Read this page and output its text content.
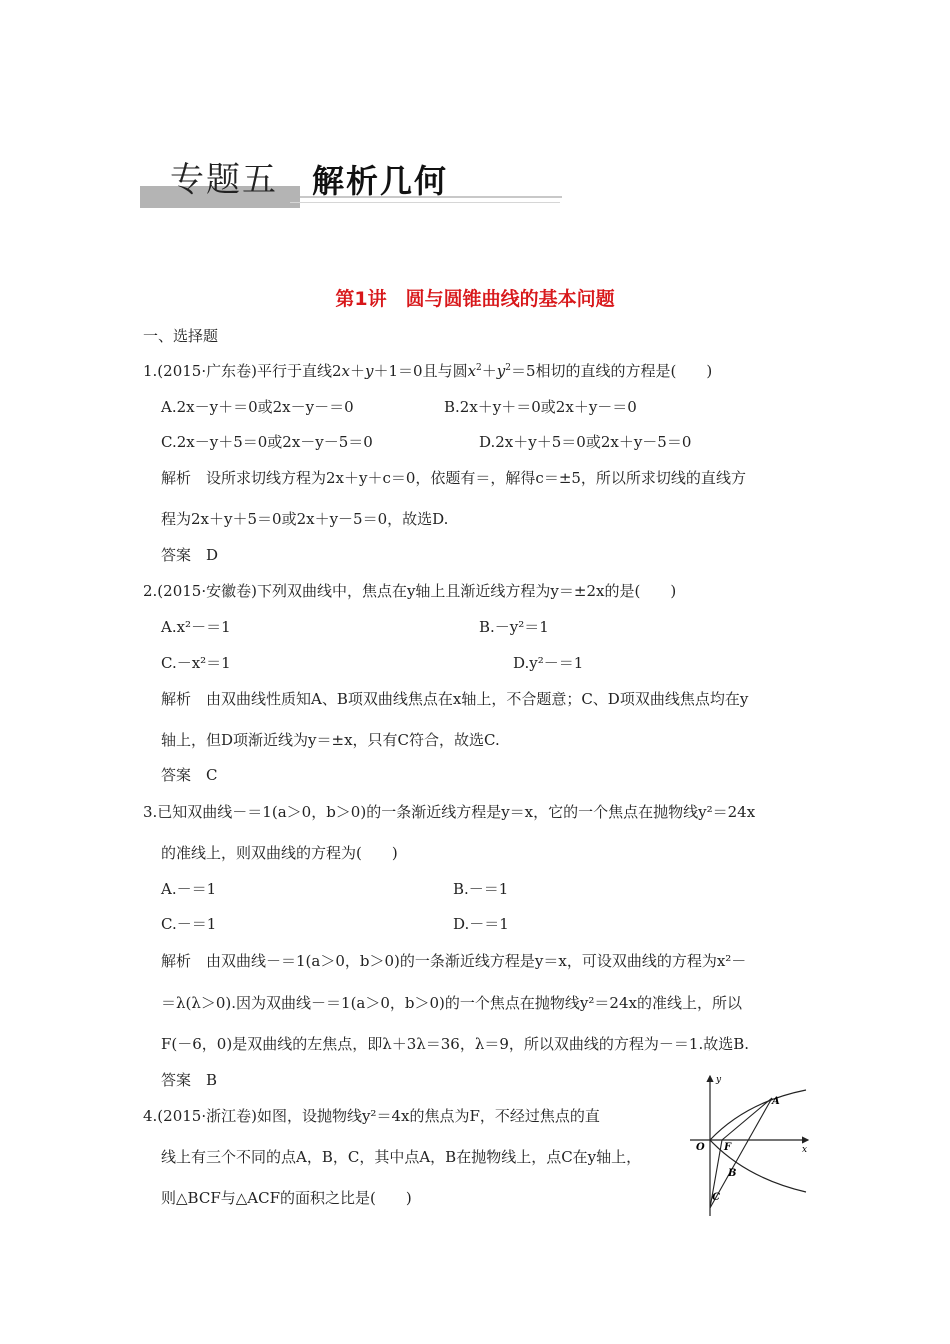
专题五 解析几何
第1讲　圆与圆锥曲线的基本问题
一、选择题
1.(2015·广东卷)平行于直线2x＋y＋1＝0且与圆$x^2+y^2=5$相切的直线的方程是(　　)
A.2x－y＋＝0或2x－y－＝0	B.2x＋y＋＝0或2x＋y－＝0
C.2x－y＋5＝0或2x－y－5＝0	D.2x＋y＋5＝0或2x＋y－5＝0
解析　设所求切线方程为2x＋y＋c＝0，依题有＝，解得c＝±5，所以所求切线的直线方
程为2x＋y＋5＝0或2x＋y－5＝0，故选D.
答案　D
2.(2015·安徽卷)下列双曲线中，焦点在y轴上且渐近线方程为y＝±2x的是(　　)
A.x²－＝1	B.－y²＝1
C.－x²＝1	D.y²－＝1
解析　由双曲线性质知A、B项双曲线焦点在x轴上，不合题意；C、D项双曲线焦点均在y
轴上，但D项渐近线为y＝±x，只有C符合，故选C.
答案　C
3.已知双曲线－＝1(a＞0，b＞0)的一条渐近线方程是y＝x，它的一个焦点在抛物线y²＝24x
的准线上，则双曲线的方程为(　　)
A.－＝1	B.－＝1
C.－＝1	D.－＝1
解析　由双曲线－＝1(a＞0，b＞0)的一条渐近线方程是y＝x，可设双曲线的方程为x²－
＝λ(λ＞0).因为双曲线－＝1(a＞0，b＞0)的一个焦点在抛物线y²＝24x的准线上，所以
F(－6，0)是双曲线的左焦点，即λ＋3λ＝36，λ＝9，所以双曲线的方程为－＝1.故选B.
答案　B
4.(2015·浙江卷)如图，设抛物线y²＝4x的焦点为F，不经过焦点的直
线上有三个不同的点A，B，C，其中点A，B在抛物线上，点C在y轴上，
则△BCF与△ACF的面积之比是(　　)
y
x
O F
A
B
C
